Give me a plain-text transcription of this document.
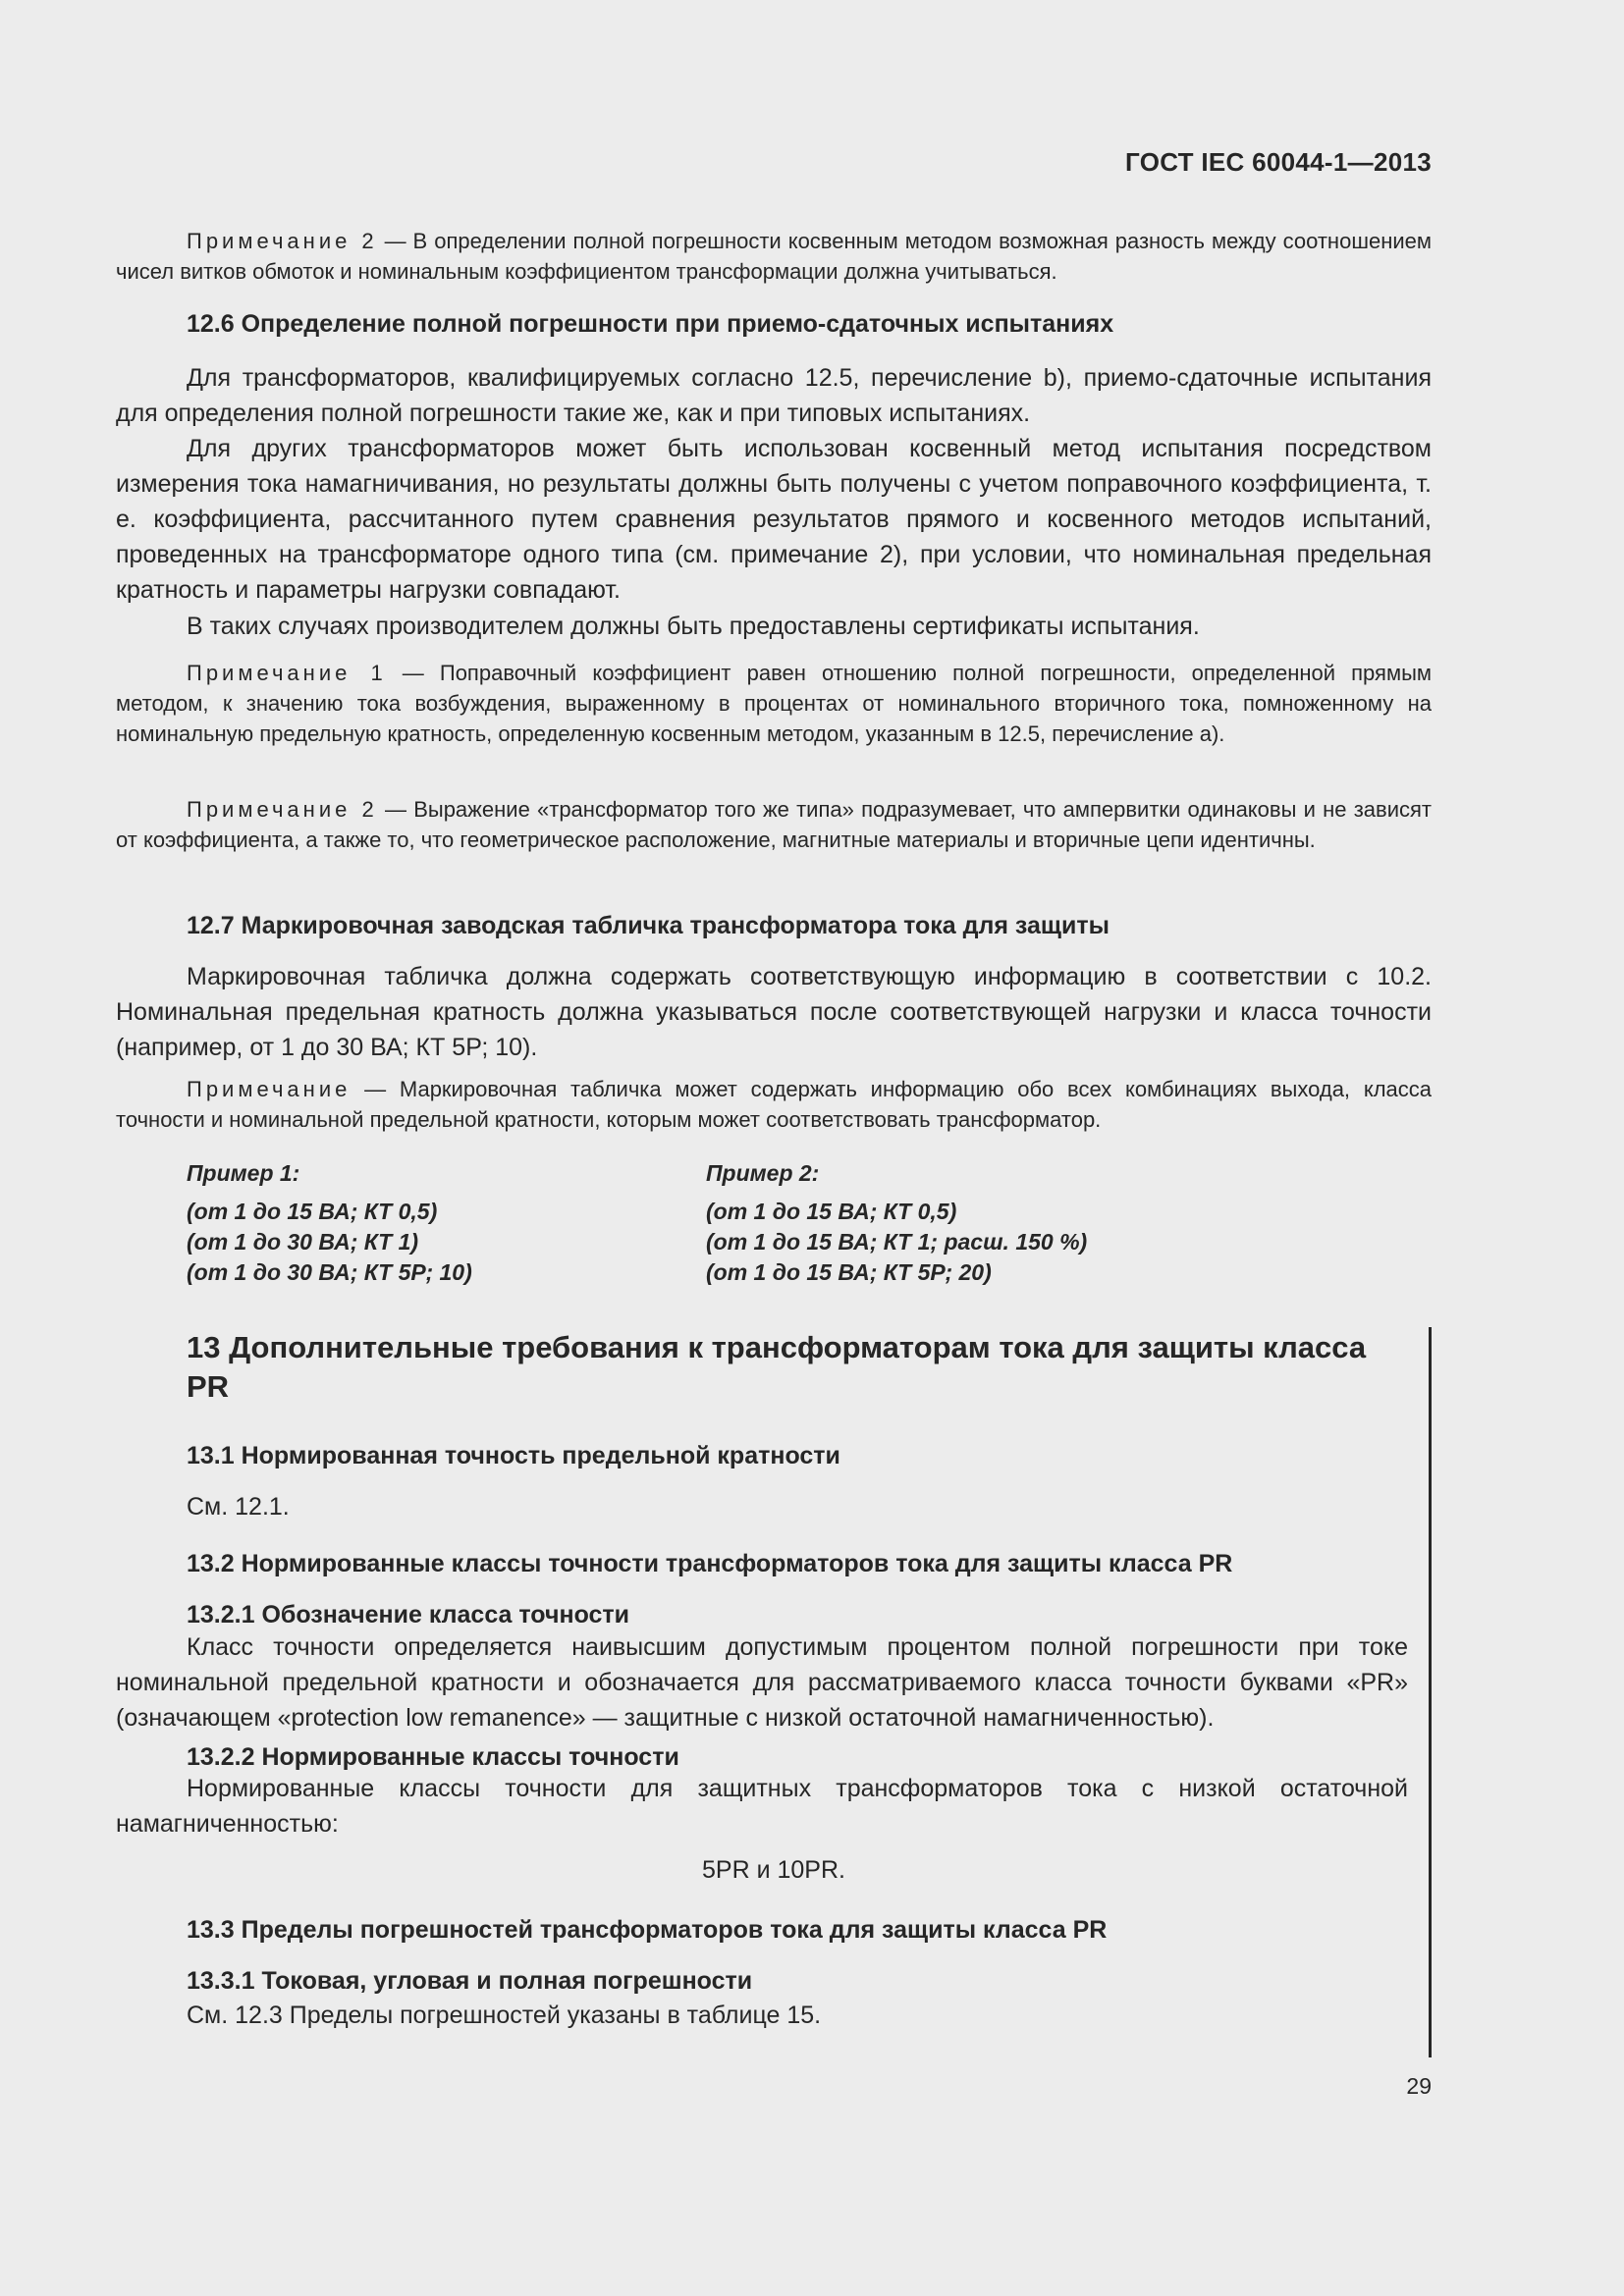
ГОСТ IEC 60044-1—2013
Примечание 2 — В определении полной погрешности косвенным методом возможная разность между соотношением чисел витков обмоток и номинальным коэффициентом трансформации должна учитываться.
12.6 Определение полной погрешности при приемо-сдаточных испытаниях
Для трансформаторов, квалифицируемых согласно 12.5, перечисление b), приемо-сдаточные испытания для определения полной погрешности такие же, как и при типовых испытаниях.
Для других трансформаторов может быть использован косвенный метод испытания посредством измерения тока намагничивания, но результаты должны быть получены с учетом поправочного коэффициента, т. е. коэффициента, рассчитанного путем сравнения результатов прямого и косвенного методов испытаний, проведенных на трансформаторе одного типа (см. примечание 2), при условии, что номинальная предельная кратность и параметры нагрузки совпадают.
В таких случаях производителем должны быть предоставлены сертификаты испытания.
Примечание 1 — Поправочный коэффициент равен отношению полной погрешности, определенной прямым методом, к значению тока возбуждения, выраженному в процентах от номинального вторичного тока, помноженному на номинальную предельную кратность, определенную косвенным методом, указанным в 12.5, перечисление а).
Примечание 2 — Выражение «трансформатор того же типа» подразумевает, что ампервитки одинаковы и не зависят от коэффициента, а также то, что геометрическое расположение, магнитные материалы и вторичные цепи идентичны.
12.7 Маркировочная заводская табличка трансформатора тока для защиты
Маркировочная табличка должна содержать соответствующую информацию в соответствии с 10.2. Номинальная предельная кратность должна указываться после соответствующей нагрузки и класса точности (например, от 1 до 30 ВА; КТ 5Р; 10).
Примечание — Маркировочная табличка может содержать информацию обо всех комбинациях выхода, класса точности и номинальной предельной кратности, которым может соответствовать трансформатор.
Пример 1:
(от 1 до 15 ВА; КТ 0,5)
(от 1 до 30 ВА; КТ 1)
(от 1 до 30 ВА; КТ 5Р; 10)
Пример 2:
(от 1 до 15 ВА; КТ 0,5)
(от 1 до 15 ВА; КТ 1; расш. 150 %)
(от 1 до 15 ВА; КТ 5Р; 20)
13 Дополнительные требования к трансформаторам тока для защиты класса PR
13.1 Нормированная точность предельной кратности
См. 12.1.
13.2 Нормированные классы точности трансформаторов тока для защиты класса PR
13.2.1 Обозначение класса точности
Класс точности определяется наивысшим допустимым процентом полной погрешности при токе номинальной предельной кратности и обозначается для рассматриваемого класса точности буквами «PR» (означающем «protection low remanence» — защитные с низкой остаточной намагниченностью).
13.2.2 Нормированные классы точности
Нормированные классы точности для защитных трансформаторов тока с низкой остаточной намагниченностью:
5PR и 10PR.
13.3 Пределы погрешностей трансформаторов тока для защиты класса PR
13.3.1 Токовая, угловая и полная погрешности
См. 12.3 Пределы погрешностей указаны в таблице 15.
29
